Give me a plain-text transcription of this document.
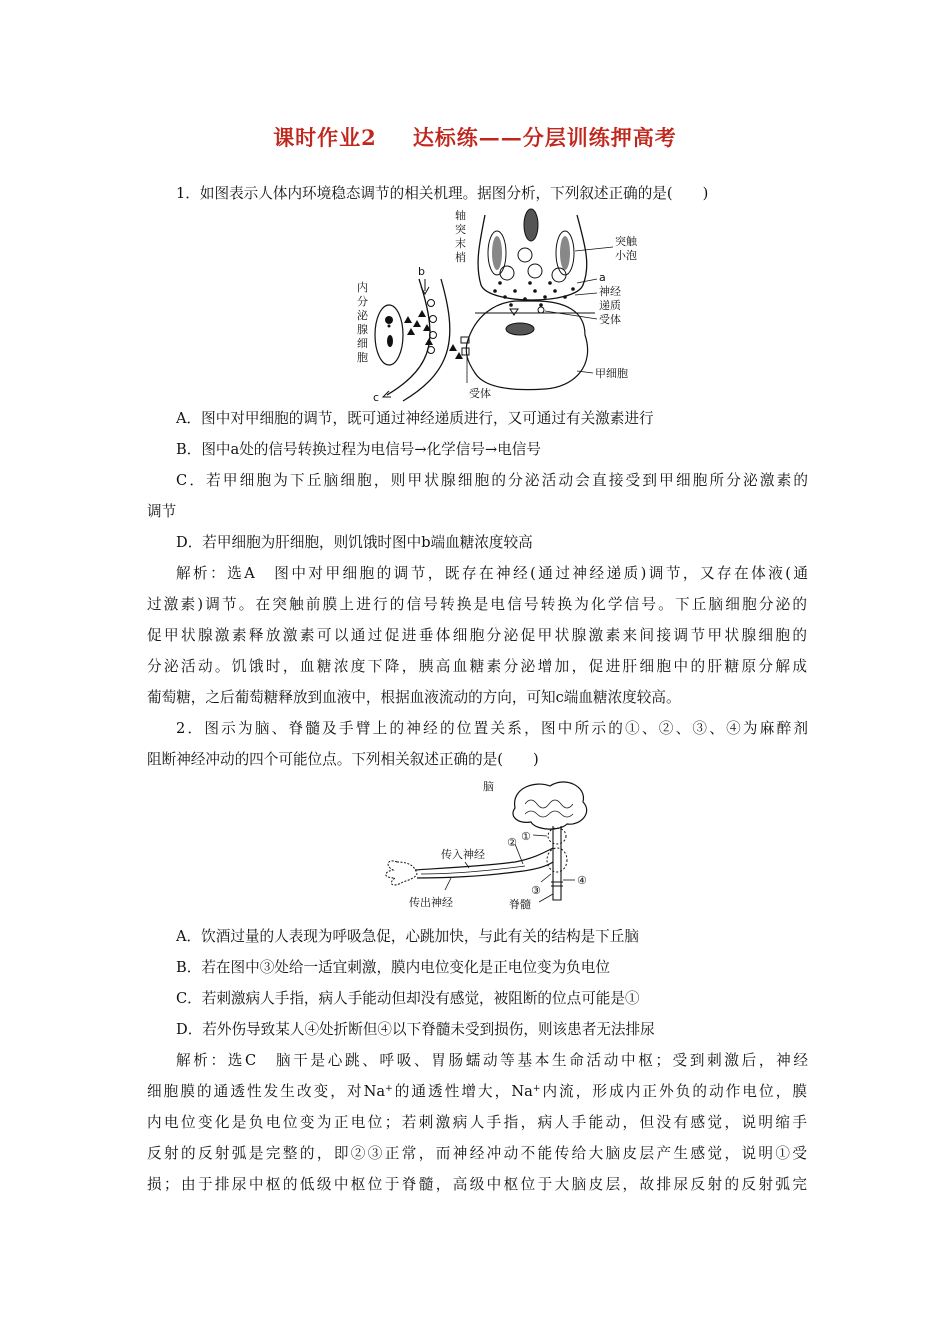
课时作业2 达标练——分层训练押高考
1．如图表示人体内环境稳态调节的相关机理。据图分析，下列叙述正确的是( )
轴
突
末
梢
突触
小泡
a
神经
递质
受体
甲细胞
受体
b
c
内
分
泌
腺
细
胞
A．图中对甲细胞的调节，既可通过神经递质进行，又可通过有关激素进行
B．图中a处的信号转换过程为电信号→化学信号→电信号
C．若甲细胞为下丘脑细胞，则甲状腺细胞的分泌活动会直接受到甲细胞所分泌激素的
调节
D．若甲细胞为肝细胞，则饥饿时图中b端血糖浓度较高
解析：选A　图中对甲细胞的调节，既存在神经(通过神经递质)调节，又存在体液(通
过激素)调节。在突触前膜上进行的信号转换是电信号转换为化学信号。下丘脑细胞分泌的
促甲状腺激素释放激素可以通过促进垂体细胞分泌促甲状腺激素来间接调节甲状腺细胞的
分泌活动。饥饿时，血糖浓度下降，胰高血糖素分泌增加，促进肝细胞中的肝糖原分解成
葡萄糖，之后葡萄糖释放到血液中，根据血液流动的方向，可知c端血糖浓度较高。
2．图示为脑、脊髓及手臂上的神经的位置关系，图中所示的①、②、③、④为麻醉剂
阻断神经冲动的四个可能位点。下列相关叙述正确的是( )
脑
①
②
③
④
传入神经
传出神经	脊髓
A．饮酒过量的人表现为呼吸急促，心跳加快，与此有关的结构是下丘脑
B．若在图中③处给一适宜刺激，膜内电位变化是正电位变为负电位
C．若刺激病人手指，病人手能动但却没有感觉，被阻断的位点可能是①
D．若外伤导致某人④处折断但④以下脊髓未受到损伤，则该患者无法排尿
解析：选C　脑干是心跳、呼吸、胃肠蠕动等基本生命活动中枢；受到刺激后，神经
细胞膜的通透性发生改变，对Na+的通透性增大，Na+内流，形成内正外负的动作电位，膜
内电位变化是负电位变为正电位；若刺激病人手指，病人手能动，但没有感觉，说明缩手
反射的反射弧是完整的，即②③正常，而神经冲动不能传给大脑皮层产生感觉，说明①受
损；由于排尿中枢的低级中枢位于脊髓，高级中枢位于大脑皮层，故排尿反射的反射弧完
